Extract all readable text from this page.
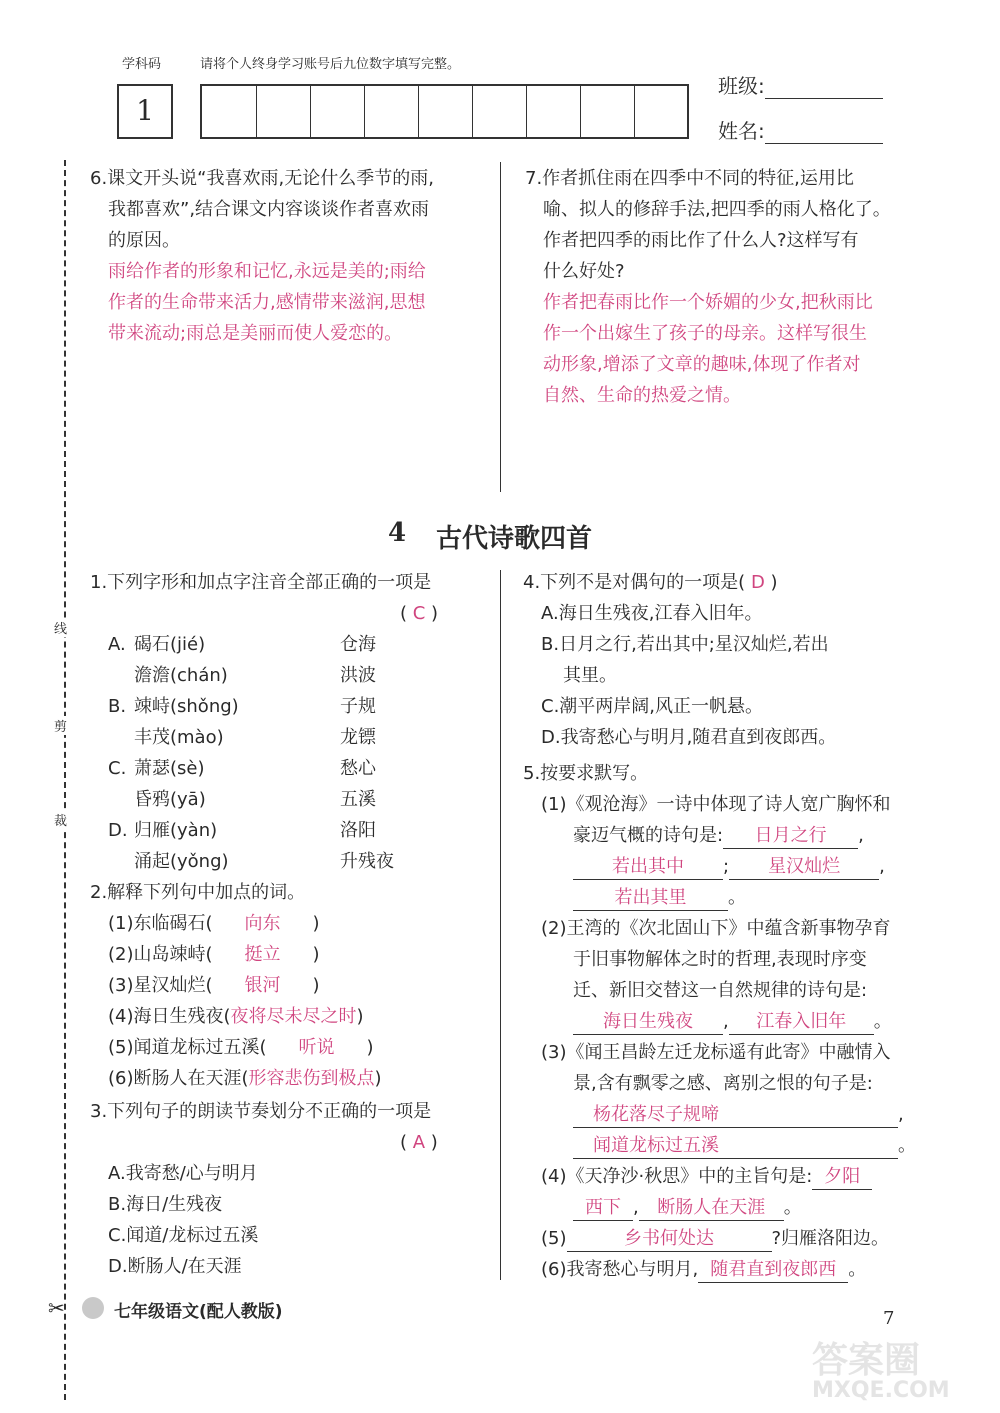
学科码	请将个人终身学习账号后九位数字填写完整。
1
班级:
姓名:
线
剪
裁
6.课文开头说“我喜欢雨,无论什么季节的雨,
我都喜欢”,结合课文内容谈谈作者喜欢雨
的原因。
雨给作者的形象和记忆,永远是美的;雨给
作者的生命带来活力,感情带来滋润,思想
带来流动;雨总是美丽而使人爱恋的。
7.作者抓住雨在四季中不同的特征,运用比
喻、拟人的修辞手法,把四季的雨人格化了。
作者把四季的雨比作了什么人?这样写有
什么好处?
作者把春雨比作一个娇媚的少女,把秋雨比
作一个出嫁生了孩子的母亲。这样写很生
动形象,增添了文章的趣味,体现了作者对
自然、生命的热爱之情。
4 古代诗歌四首
1.下列字形和加点字注音全部正确的一项是
( C )
A. 碣石(jié)	仓海
澹澹(chán)	洪波
B. 竦峙(shǒng)	子规
丰茂(mào)	龙镖
C. 萧瑟(sè)	愁心
昏鸦(yā)	五溪
D. 归雁(yàn)	洛阳
涌起(yǒng)	升残夜
2.解释下列句中加点的词。
(1)东临碣石( 向东 )
(2)山岛竦峙( 挺立 )
(3)星汉灿烂( 银河 )
(4)海日生残夜(夜将尽未尽之时)
(5)闻道龙标过五溪( 听说 )
(6)断肠人在天涯(形容悲伤到极点)
3.下列句子的朗读节奏划分不正确的一项是
( A )
A.我寄愁/心与明月
B.海日/生残夜
C.闻道/龙标过五溪
D.断肠人/在天涯
4.下列不是对偶句的一项是( D )
A.海日生残夜,江春入旧年。
B.日月之行,若出其中;星汉灿烂,若出
其里。
C.潮平两岸阔,风正一帆悬。
D.我寄愁心与明月,随君直到夜郎西。
5.按要求默写。
(1)《观沧海》一诗中体现了诗人宽广胸怀和
豪迈气概的诗句是: 日月之行 ,
若出其中 ; 星汉灿烂 ,
若出其里 。
(2)王湾的《次北固山下》中蕴含新事物孕育
于旧事物解体之时的哲理,表现时序变
迁、新旧交替这一自然规律的诗句是:
海日生残夜 , 江春入旧年 。
(3)《闻王昌龄左迁龙标遥有此寄》中融情入
景,含有飘零之感、离别之恨的句子是:
杨花落尽子规啼	,
闻道龙标过五溪	。
(4)《天净沙·秋思》中的主旨句是: 夕阳
西下 , 断肠人在天涯 。
(5)	乡书何处达	?归雁洛阳边。
(6)我寄愁心与明月, 随君直到夜郎西 。
✂	七年级语文(配人教版)	7
答案圈
MXQE.COM
